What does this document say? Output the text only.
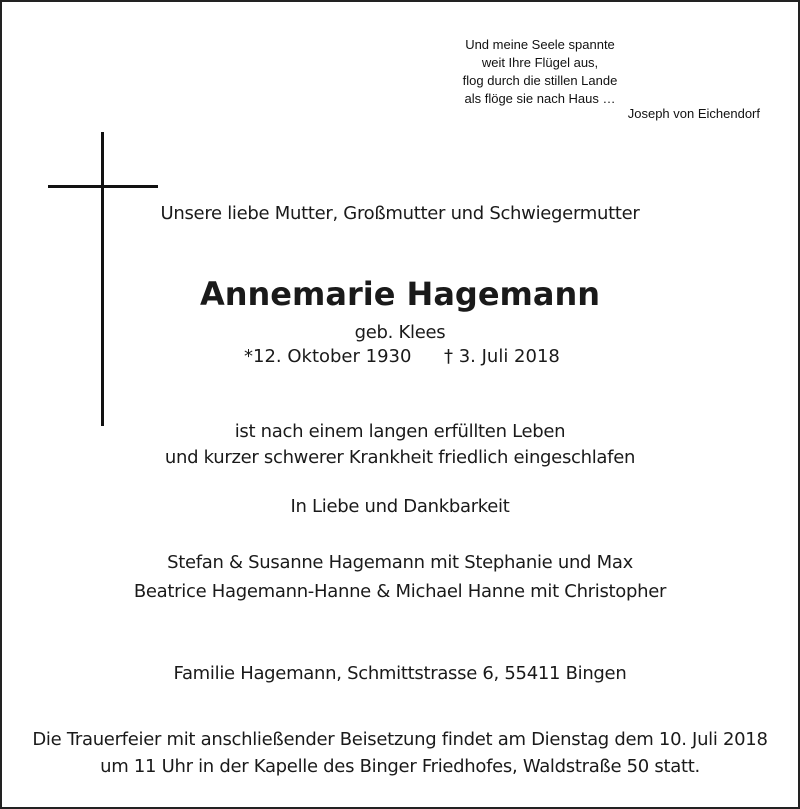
Und meine Seele spannte
weit Ihre Flügel aus,
flog durch die stillen Lande
als flöge sie nach Haus …
Joseph von Eichendorf
Unsere liebe Mutter, Großmutter und Schwiegermutter
Annemarie Hagemann
geb. Klees
*12. Oktober 1930 † 3. Juli 2018
ist nach einem langen erfüllten Leben
und kurzer schwerer Krankheit friedlich eingeschlafen
In Liebe und Dankbarkeit
Stefan & Susanne Hagemann mit Stephanie und Max
Beatrice Hagemann-Hanne & Michael Hanne mit Christopher
Familie Hagemann, Schmittstrasse 6, 55411 Bingen
Die Trauerfeier mit anschließender Beisetzung findet am Dienstag dem 10. Juli 2018
um 11 Uhr in der Kapelle des Binger Friedhofes, Waldstraße 50 statt.
